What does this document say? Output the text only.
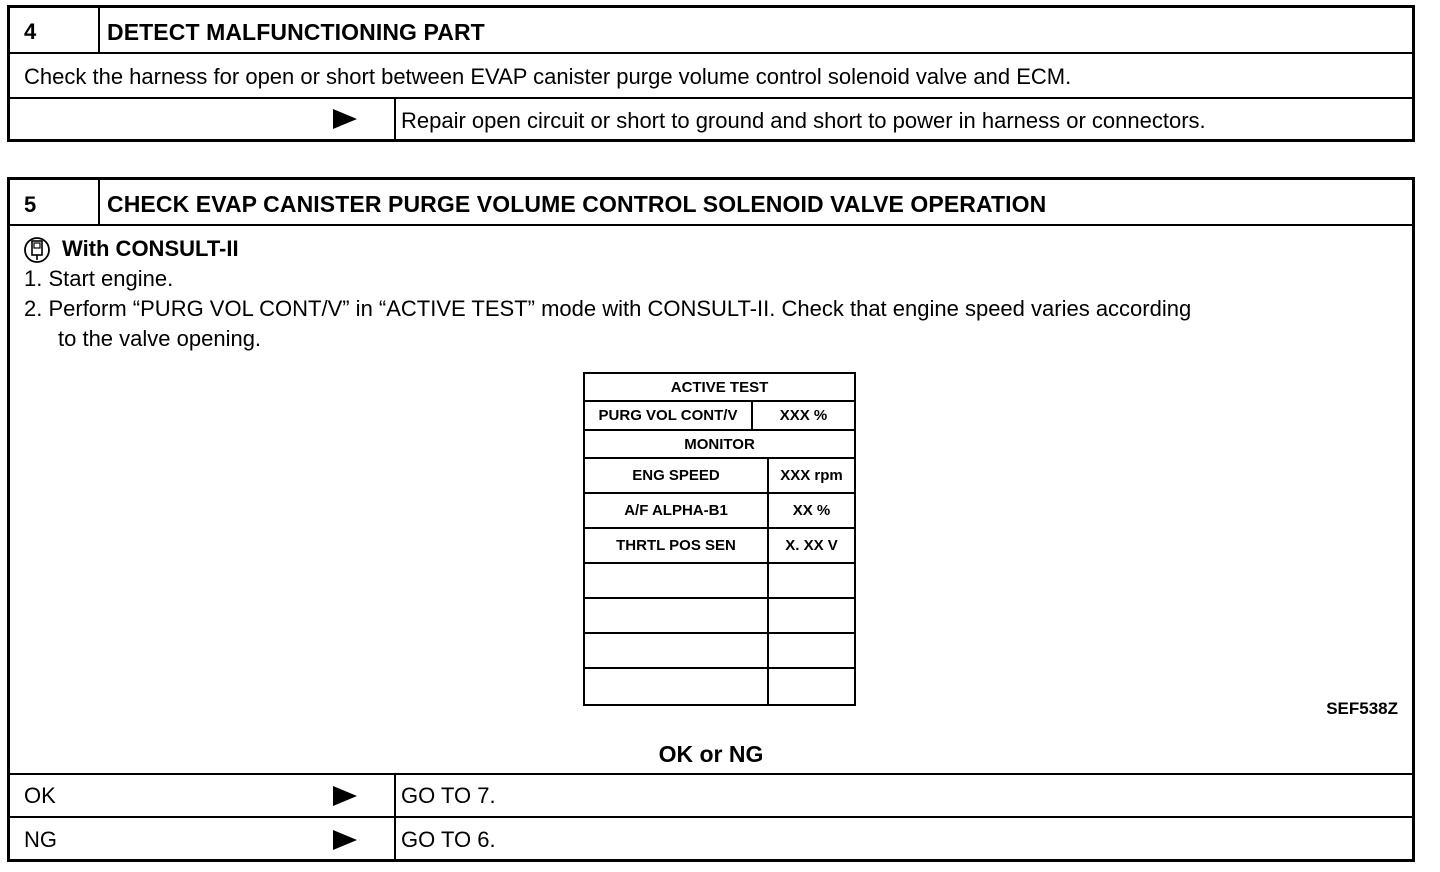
4	DETECT MALFUNCTIONING PART
Check the harness for open or short between EVAP canister purge volume control solenoid valve and ECM.
Repair open circuit or short to ground and short to power in harness or connectors.
5	CHECK EVAP CANISTER PURGE VOLUME CONTROL SOLENOID VALVE OPERATION
With CONSULT-II
1. Start engine.
2. Perform “PURG VOL CONT/V” in “ACTIVE TEST” mode with CONSULT-II. Check that engine speed varies according
to the valve opening.
ACTIVE TEST
PURG VOL CONT/V	XXX %
MONITOR
ENG SPEED	XXX rpm
A/F ALPHA-B1	XX %
THRTL POS SEN	X. XX V
SEF538Z
OK or NG
OK	GO TO 7.
NG	GO TO 6.
